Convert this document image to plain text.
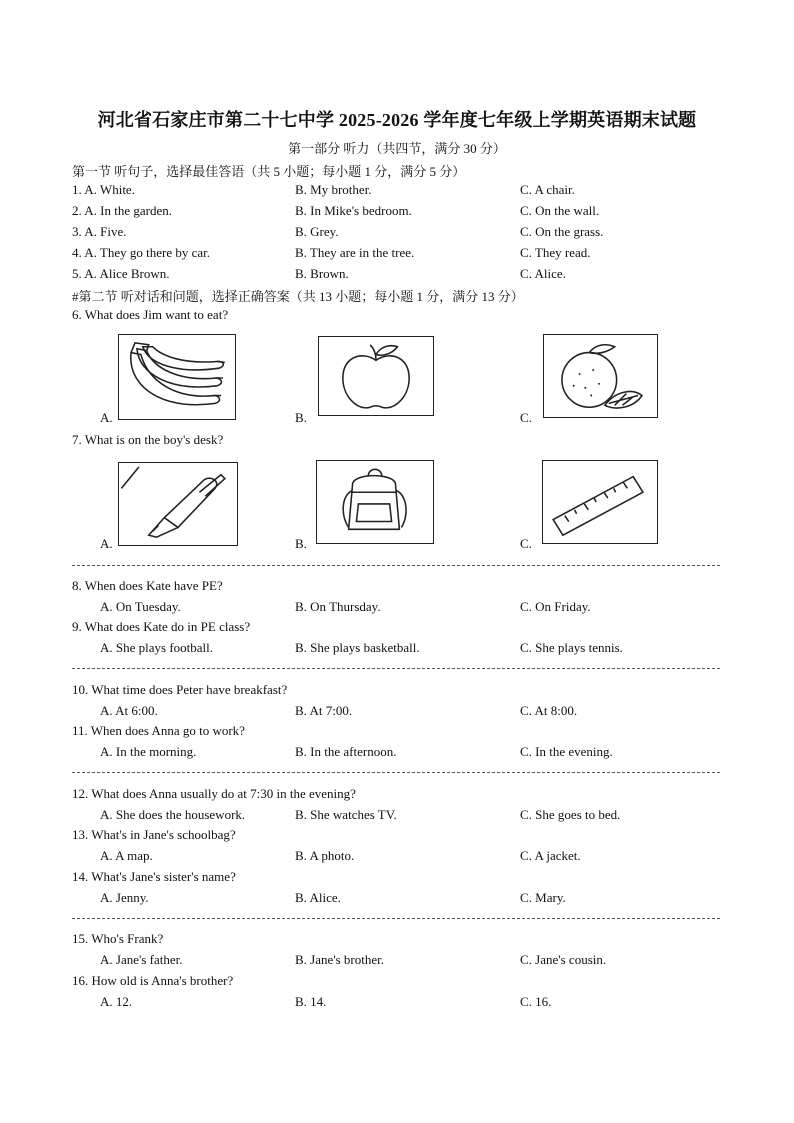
河北省石家庄市第二十七中学 2025-2026 学年度七年级上学期英语期末试题
第一部分 听力（共四节，满分 30 分）
第一节 听句子，选择最佳答语（共 5 小题；每小题 1 分，满分 5 分）
1. A. White.	B. My brother.	C. A chair.
2. A. In the garden.	B. In Mike's bedroom.	C. On the wall.
3. A. Five.	B. Grey.	C. On the grass.
4. A. They go there by car.	B. They are in the tree.	C. They read.
5. A. Alice Brown.	B. Brown.	C. Alice.
#第二节 听对话和问题，选择正确答案（共 13 小题；每小题 1 分，满分 13 分）
6. What does Jim want to eat?
A.	B.	C.
7. What is on the boy's desk?
A.	B.	C.
8. When does Kate have PE?
A. On Tuesday.	B. On Thursday.	C. On Friday.
9. What does Kate do in PE class?
A. She plays football.	B. She plays basketball.	C. She plays tennis.
10. What time does Peter have breakfast?
A. At 6:00.	B. At 7:00.	C. At 8:00.
11. When does Anna go to work?
A. In the morning.	B. In the afternoon.	C. In the evening.
12. What does Anna usually do at 7:30 in the evening?
A. She does the housework.	B. She watches TV.	C. She goes to bed.
13. What's in Jane's schoolbag?
A. A map.	B. A photo.	C. A jacket.
14. What's Jane's sister's name?
A. Jenny.	B. Alice.	C. Mary.
15. Who's Frank?
A. Jane's father.	B. Jane's brother.	C. Jane's cousin.
16. How old is Anna's brother?
A. 12.	B. 14.	C. 16.
